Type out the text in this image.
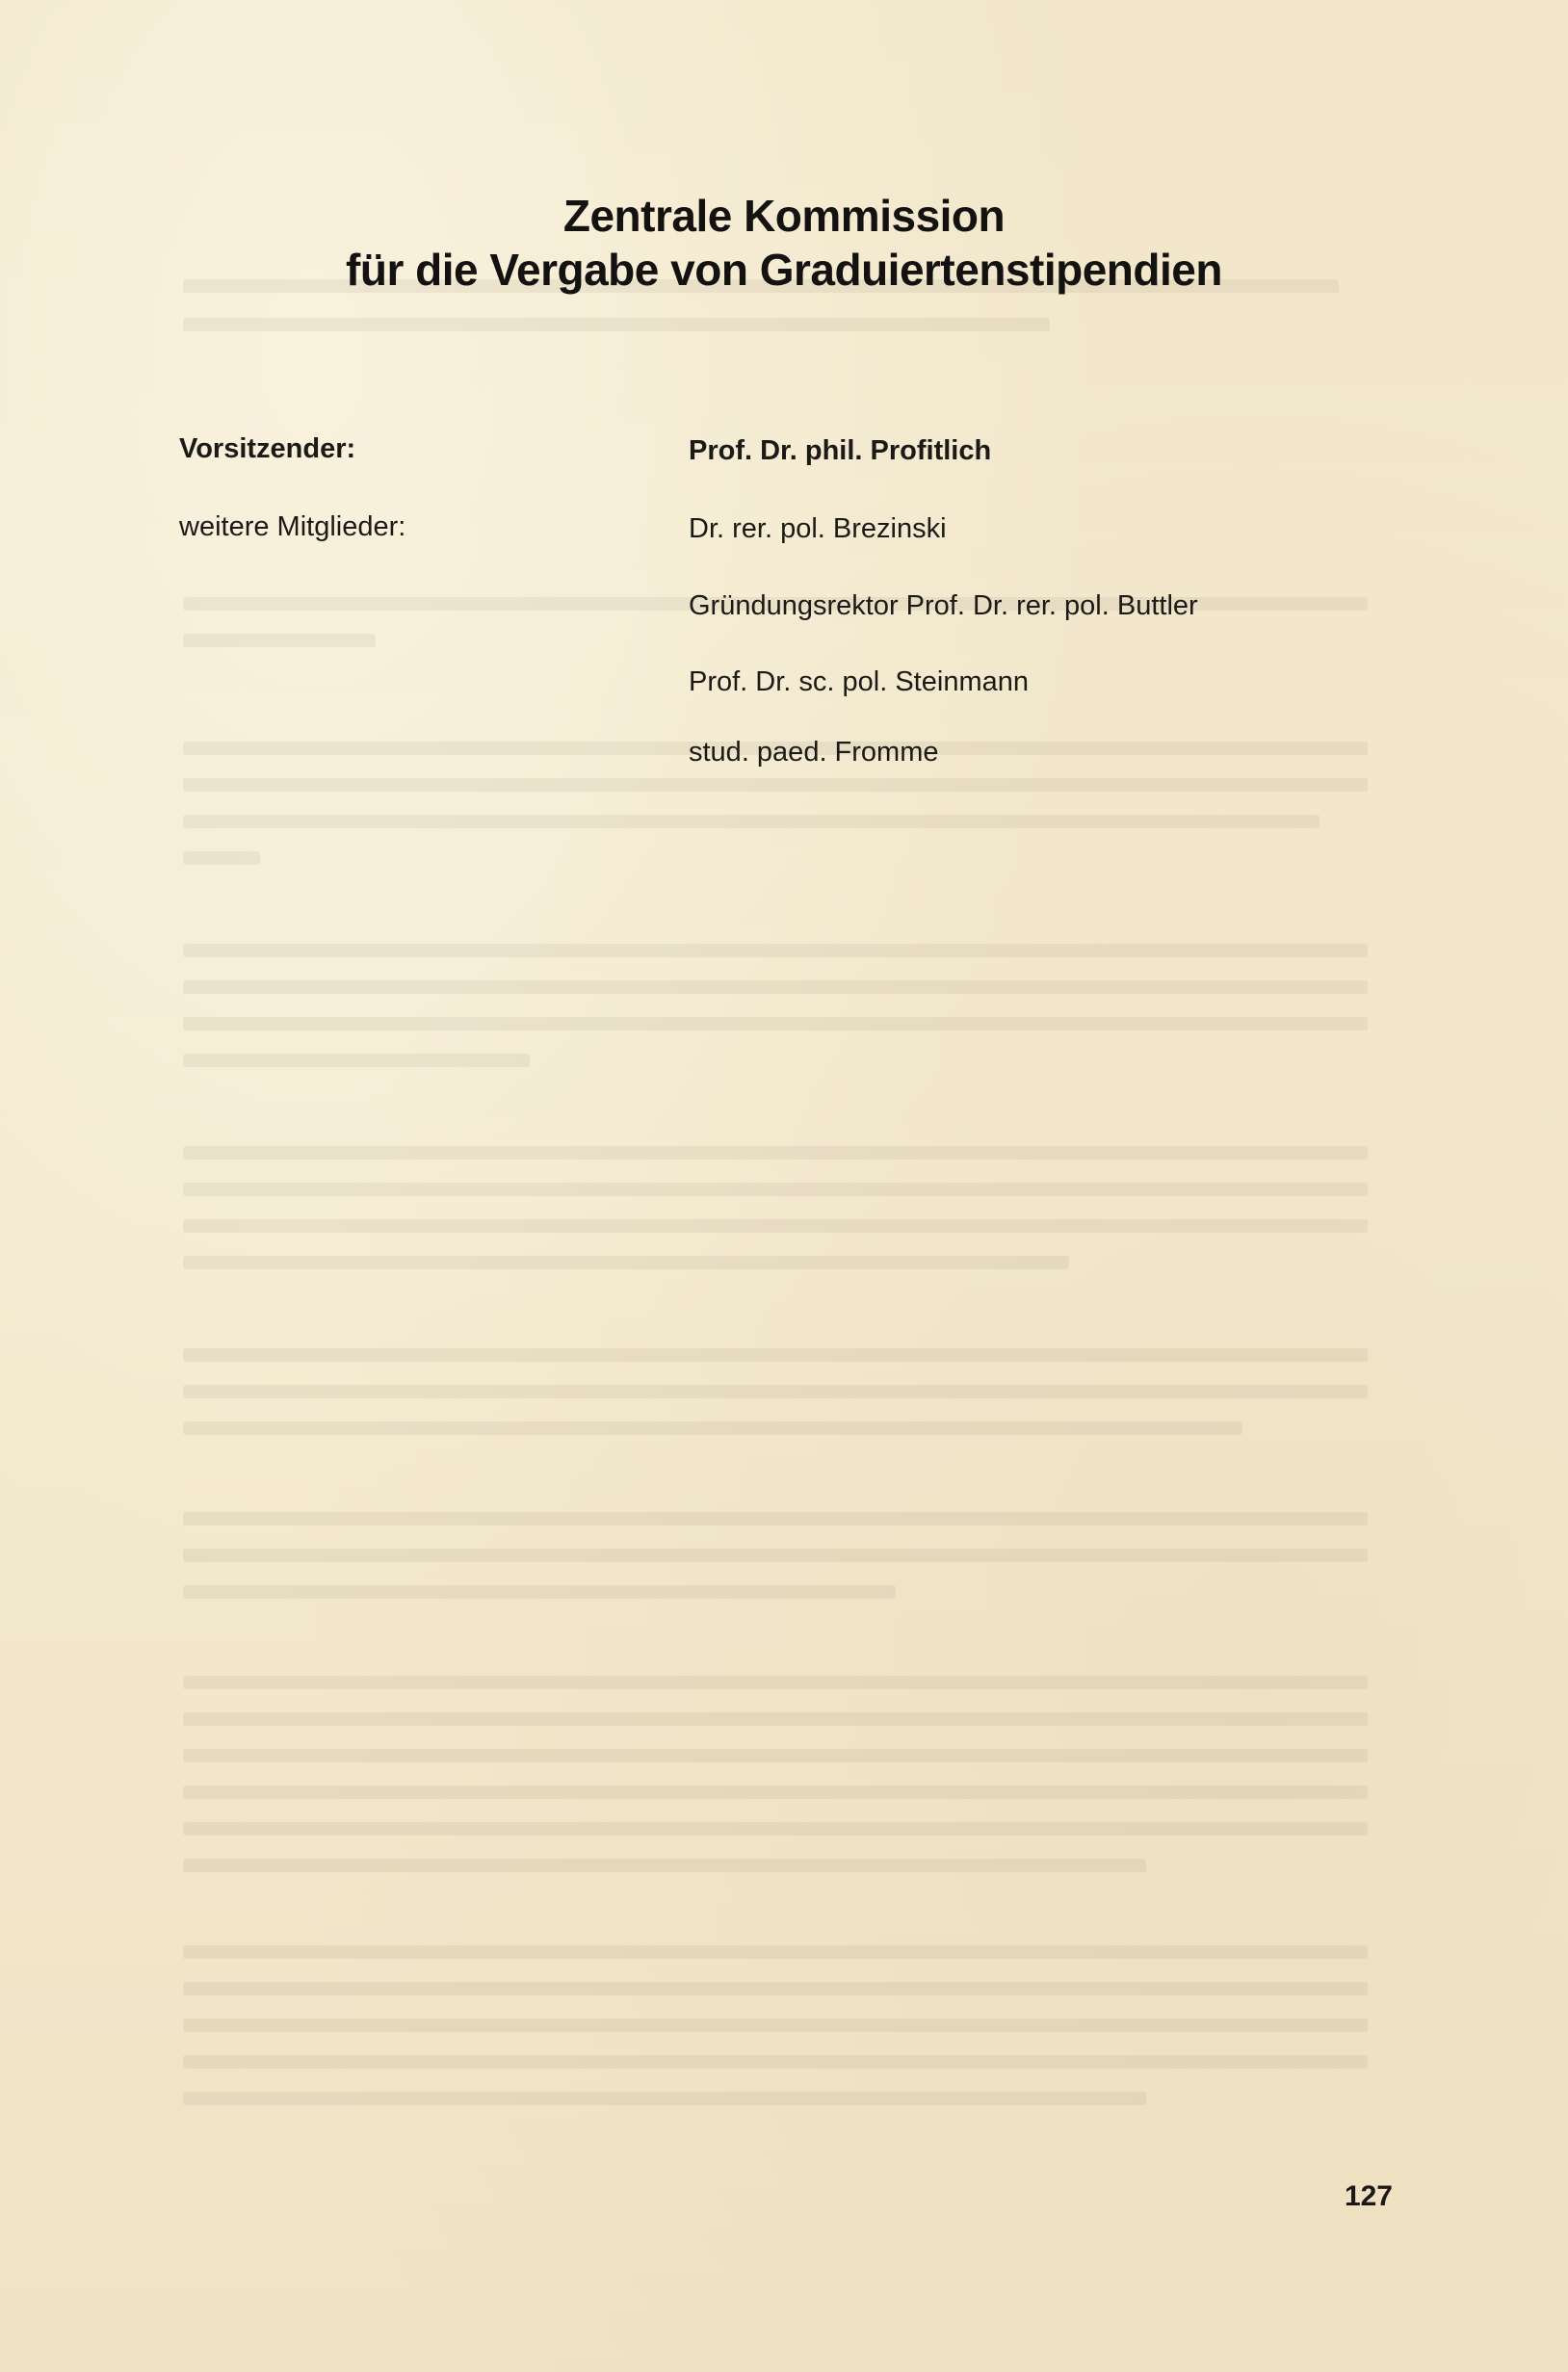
Zentrale Kommission
für die Vergabe von Graduiertenstipendien
Vorsitzender:	Prof. Dr. phil. Profitlich
weitere Mitglieder:	Dr. rer. pol. Brezinski
Gründungsrektor Prof. Dr. rer. pol. Buttler
Prof. Dr. sc. pol. Steinmann
stud. paed. Fromme
127
